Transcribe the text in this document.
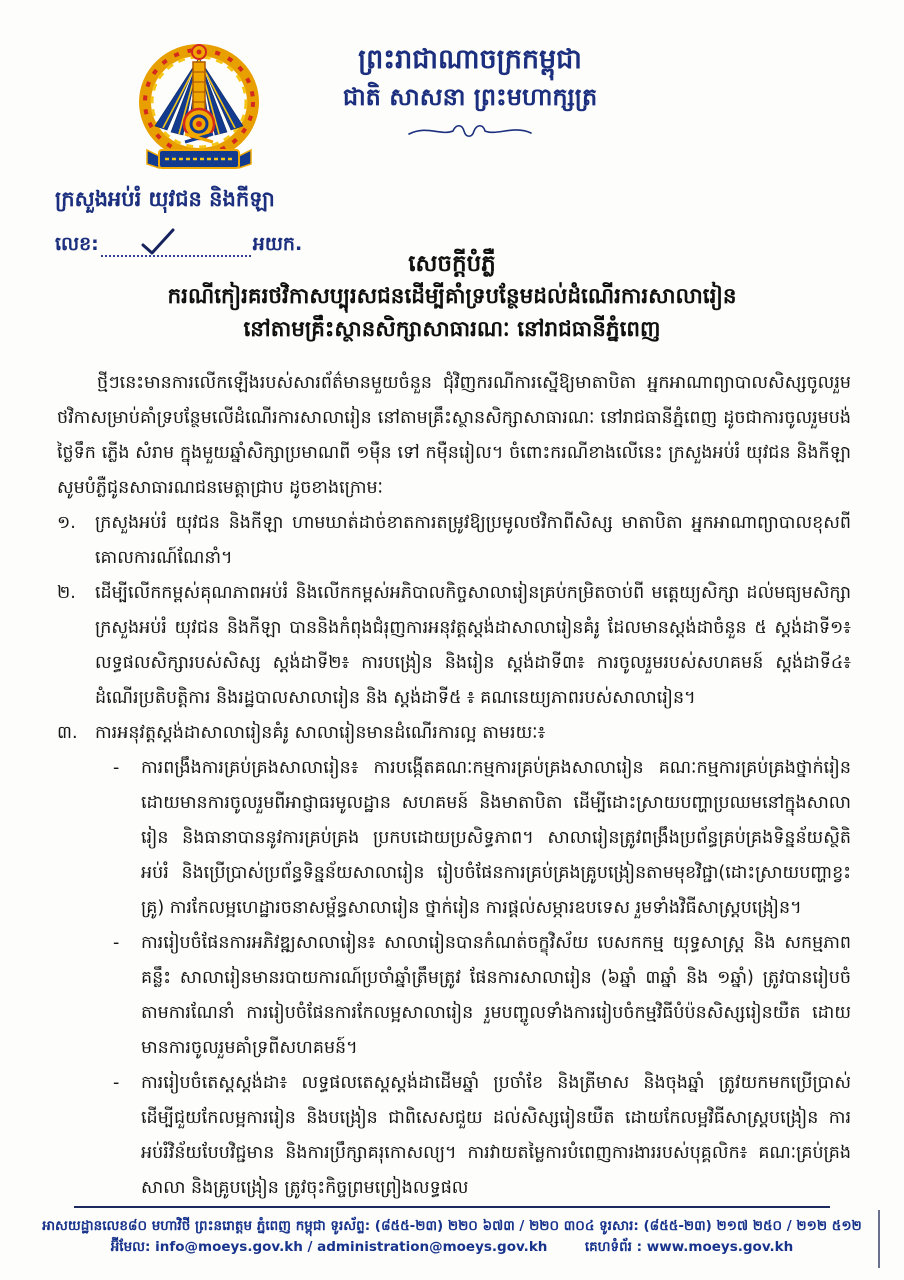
ព្រះរាជាណាចក្រកម្ពុជា
ជាតិ សាសនា ព្រះមហាក្សត្រ
ក្រសួងអប់រំ យុវជន និងកីឡា
លេខ:	អយក.
សេចក្តីបំភ្លឺ
ករណីកៀរគរថវិកាសប្បុរសជនដើម្បីគាំទ្របន្ថែមដល់ដំណើរការសាលារៀន
នៅតាមគ្រឹះស្ថានសិក្សាសាធារណៈ នៅរាជធានីភ្នំពេញ

ថ្មីៗនេះមានការលើកឡើងរបស់សារព័ត៌មានមួយចំនួន ជុំវិញករណីការស្នើឱ្យមាតាបិតា អ្នកអាណាព្យាបាលសិស្សចូលរួមថវិកាសម្រាប់គាំទ្របន្ថែមលើដំណើរការសាលារៀន នៅតាមគ្រឹះស្ថានសិក្សាសាធារណៈ នៅរាជធានីភ្នំពេញ ដូចជាការចូលរួមបង់ថ្លៃទឹក ភ្លើង សំរាម ក្នុងមួយឆ្នាំសិក្សាប្រមាណពី ១មុឺន ទៅ កមុឺនរៀល។ ចំពោះករណីខាងលើនេះ ក្រសួងអប់រំ យុវជន និងកីឡា សូមបំភ្លឺជូនសាធារណជនមេត្តាជ្រាប ដូចខាងក្រោមៈ

១.	ក្រសួងអប់រំ យុវជន និងកីឡា ហាមឃាត់ដាច់ខាតការតម្រូវឱ្យប្រមូលថវិកាពីសិស្ស មាតាបិតា អ្នកអាណាព្យាបាលខុសពីគោលការណ៍ណែនាំ។
២.	ដើម្បីលើកកម្ពស់គុណភាពអប់រំ និងលើកកម្ពស់អភិបាលកិច្ចសាលារៀនគ្រប់កម្រិតចាប់ពី មត្តេយ្យសិក្សា ដល់មធ្យមសិក្សា ក្រសួងអប់រំ យុវជន និងកីឡា បាននិងកំពុងជំរុញការអនុវត្តស្តង់ដាសាលារៀនគំរូ ដែលមានស្តង់ដាចំនួន ៥ ស្តង់ដាទី១៖ លទ្ធផលសិក្សារបស់សិស្ស ស្តង់ដាទី២៖ ការបង្រៀន និងរៀន ស្តង់ដាទី៣៖ ការចូលរួមរបស់សហគមន៍ ស្តង់ដាទី៤៖ ដំណើរប្រតិបត្តិការ និងរដ្ឋបាលសាលារៀន និង ស្តង់ដាទី៥ ៖ គណនេយ្យភាពរបស់សាលារៀន។
៣. ការអនុវត្តស្តង់ដាសាលារៀនគំរូ សាលារៀនមានដំណើរការល្អ តាមរយៈ៖
-	ការពង្រឹងការគ្រប់គ្រងសាលារៀន៖ ការបង្កើតគណៈកម្មការគ្រប់គ្រងសាលារៀន គណៈកម្មការគ្រប់គ្រងថ្នាក់រៀន ដោយមានការចូលរួមពីអាជ្ញាធរមូលដ្ឋាន សហគមន៍ និងមាតាបិតា ដើម្បីដោះស្រាយបញ្ហាប្រឈមនៅក្នុងសាលារៀន និងធានាបាននូវការគ្រប់គ្រង ប្រកបដោយប្រសិទ្ធភាព។ សាលារៀនត្រូវពង្រឹងប្រព័ន្ធគ្រប់គ្រងទិន្នន័យស្ថិតិអប់រំ និងប្រើប្រាស់ប្រព័ន្ធទិន្នន័យសាលារៀន រៀបចំផែនការគ្រប់គ្រងគ្រូបង្រៀនតាមមុខវិជ្ជា(ដោះស្រាយបញ្ហាខ្វះគ្រូ) ការកែលម្អហេដ្ឋារចនាសម្ព័ន្ធសាលារៀន ថ្នាក់រៀន ការផ្តល់សម្ភារឧបទេស រួមទាំងវិធីសាស្រ្តបង្រៀន។
-	ការរៀបចំផែនការអភិវឌ្ឍសាលារៀន៖ សាលារៀនបានកំណត់ចក្ខុវិស័យ បេសកកម្ម យុទ្ធសាស្រ្ត និង សកម្មភាពគន្លឹះ សាលារៀនមានរបាយការណ៍ប្រចាំឆ្នាំត្រឹមត្រូវ ផែនការសាលារៀន (៦ឆ្នាំ ៣ឆ្នាំ និង ១ឆ្នាំ) ត្រូវបានរៀបចំតាមការណែនាំ ការរៀបចំផែនការកែលម្អសាលារៀន រួមបញ្ចូលទាំងការរៀបចំកម្មវិធីបំប៉នសិស្សរៀនយឺត ដោយមានការចូលរួមគាំទ្រពីសហគមន៍។
-	ការរៀបចំតេស្តស្តង់ដា៖ លទ្ធផលតេស្តស្តង់ដាដើមឆ្នាំ ប្រចាំខែ និងត្រីមាស និងចុងឆ្នាំ ត្រូវយកមកប្រើប្រាស់ ដើម្បីជួយកែលម្អការរៀន និងបង្រៀន ជាពិសេសជួយ ដល់សិស្សរៀនយឺត ដោយកែលម្អវិធីសាស្រ្តបង្រៀន ការអប់រំវិន័យបែបវិជ្ជមាន និងការប្រឹក្សាគរុកោសល្យ។ ការវាយតម្លៃការបំពេញការងាររបស់បុគ្គលិក៖ គណៈគ្រប់គ្រងសាលា និងគ្រូបង្រៀន ត្រូវចុះកិច្ចព្រមព្រៀងលទ្ធផល
អាសយដ្ឋានលេខ៨០ មហាវិថី ព្រះនរោត្តម ភ្នំពេញ កម្ពុជា ទូរស័ព្ទ: (៨៥៥-២៣) ២២០ ៦៧៣ / ២២០ ៣០៤ ទូរសារ: (៨៥៥-២៣) ២១៧ ២៥០ / ២១២ ៥១២
អ៊ីមែល: info@moeys.gov.kh / administration@moeys.gov.kh	គេហទំព័រ : www.moeys.gov.kh
